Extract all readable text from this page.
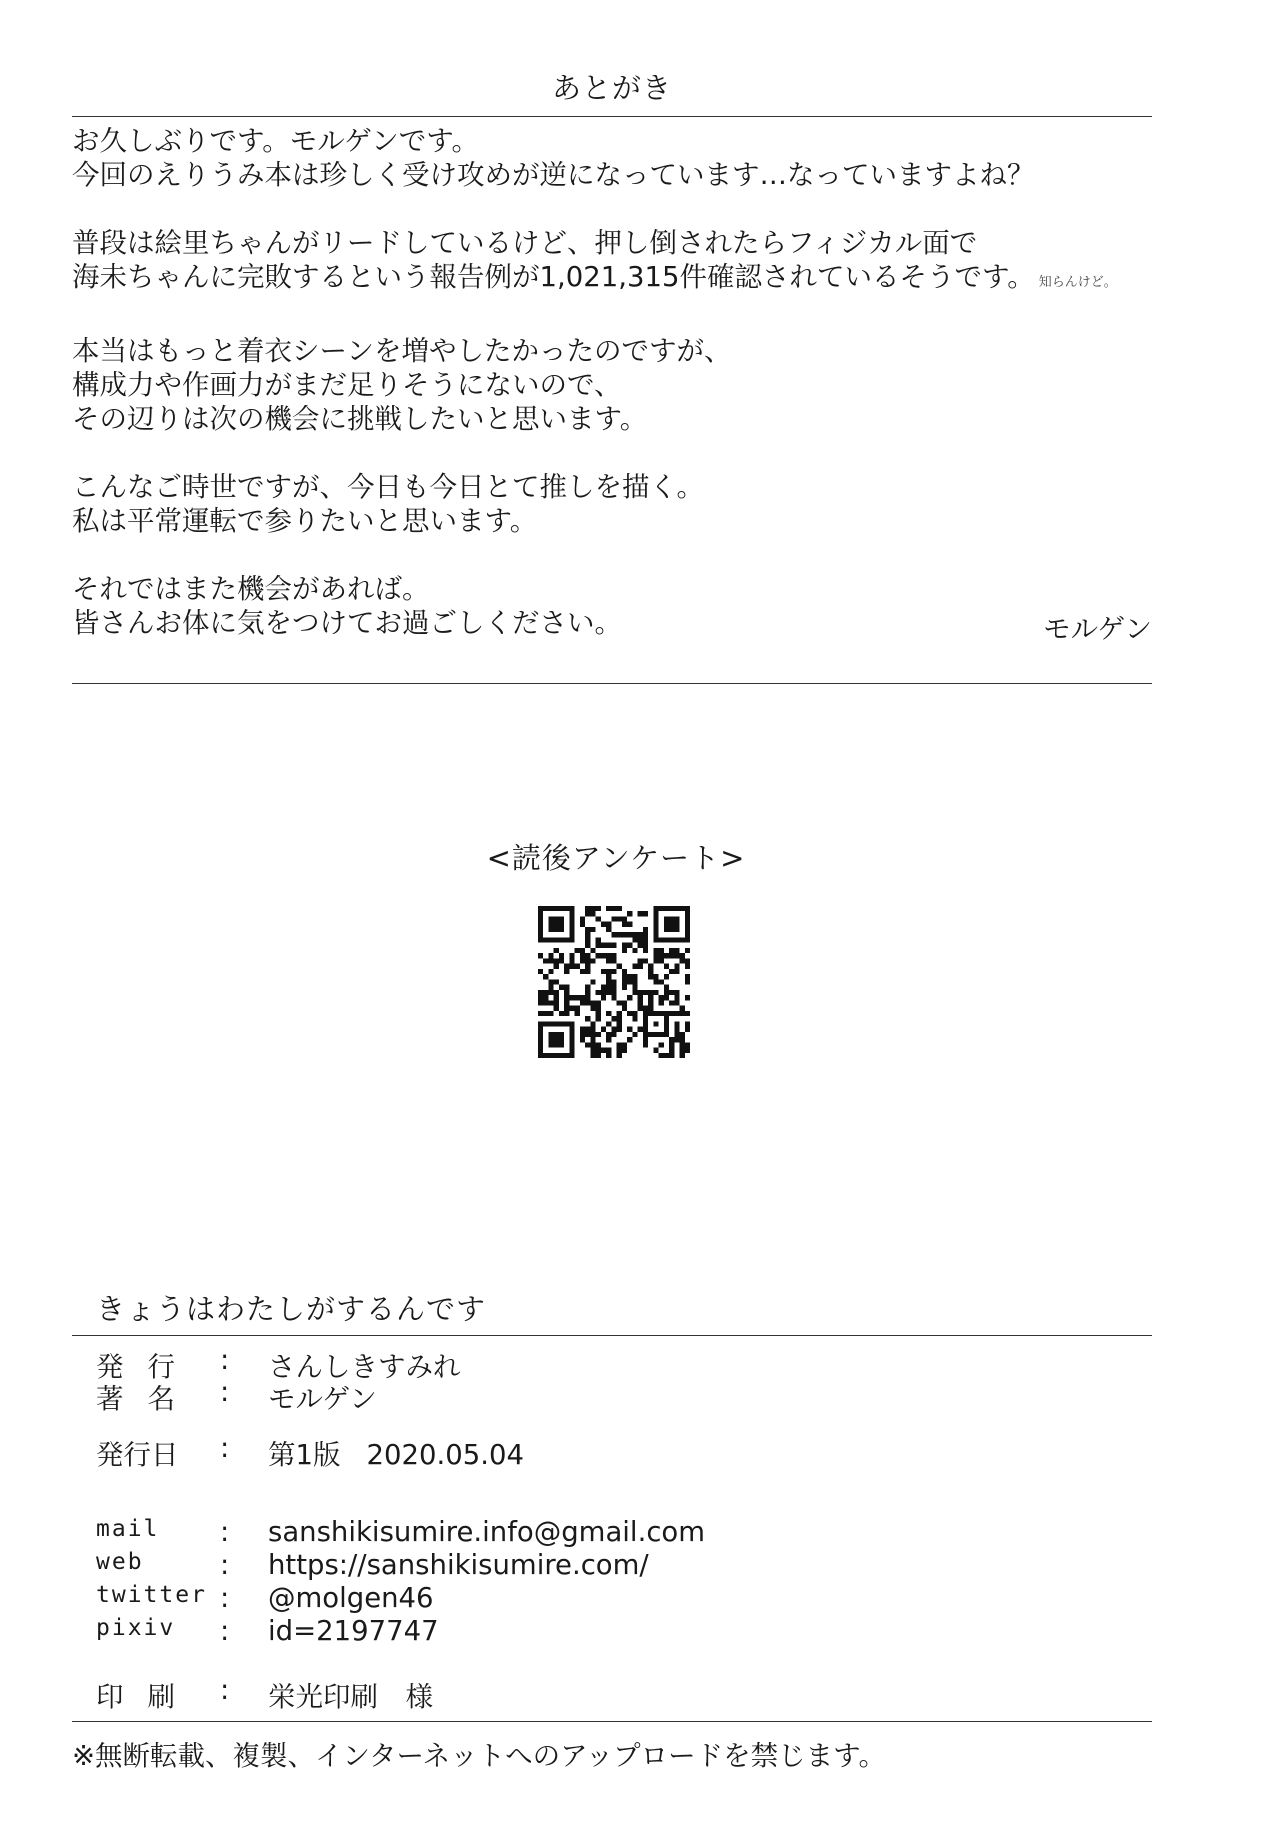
あとがき

お久しぶりです。モルゲンです。
今回のえりうみ本は珍しく受け攻めが逆になっています…なっていますよね？

普段は絵里ちゃんがリードしているけど、押し倒されたらフィジカル面で
海未ちゃんに完敗するという報告例が1,021,315件確認されているそうです。 知らんけど。

本当はもっと着衣シーンを増やしたかったのですが、
構成力や作画力がまだ足りそうにないので、
その辺りは次の機会に挑戦したいと思います。

こんなご時世ですが、今日も今日とて推しを描く。
私は平常運転で参りたいと思います。

それではまた機会があれば。
皆さんお体に気をつけてお過ごしください。	モルゲン
<読後アンケート>
きょうはわたしがするんです
発行 : さんしきすみれ
著名 : モルゲン
発行日 : 第1版 2020.05.04
mail : sanshikisumire.info@gmail.com
web	: https://sanshikisumire.com/
twitter : @molgen46
pixiv : id=2197747
印刷 : 栄光印刷　様
※無断転載、複製、インターネットへのアップロードを禁じます。
